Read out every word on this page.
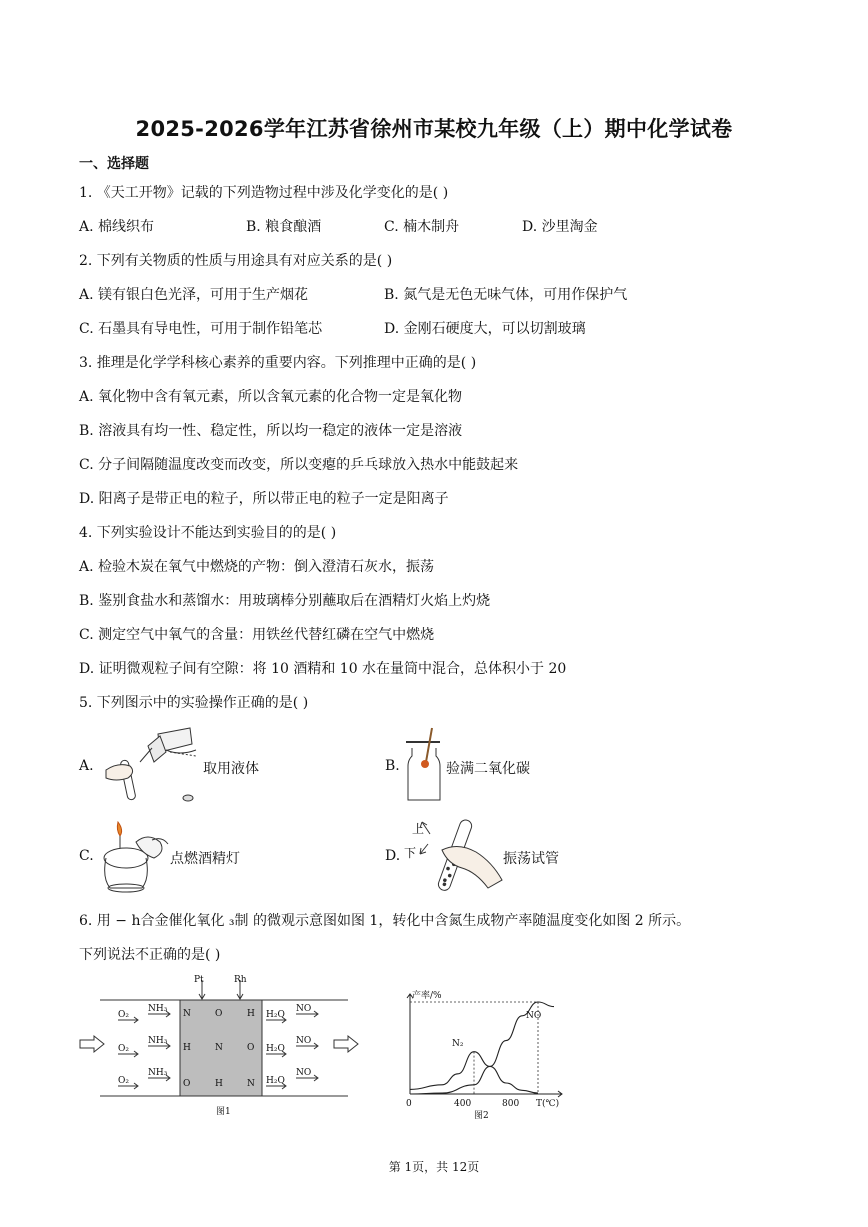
2025-2026学年江苏省徐州市某校九年级（上）期中化学试卷
一、选择题
1. 《天工开物》记载的下列造物过程中涉及化学变化的是( )
A. 棉线织布	B. 粮食酿酒	C. 楠木制舟	D. 沙里淘金
2. 下列有关物质的性质与用途具有对应关系的是( )
A. 镁有银白色光泽，可用于生产烟花	B. 氮气是无色无味气体，可用作保护气
C. 石墨具有导电性，可用于制作铅笔芯	D. 金刚石硬度大，可以切割玻璃
3. 推理是化学学科核心素养的重要内容。下列推理中正确的是( )
A. 氧化物中含有氧元素，所以含氧元素的化合物一定是氧化物
B. 溶液具有均一性、稳定性，所以均一稳定的液体一定是溶液
C. 分子间隔随温度改变而改变，所以变瘪的乒乓球放入热水中能鼓起来
D. 阳离子是带正电的粒子，所以带正电的粒子一定是阳离子
4. 下列实验设计不能达到实验目的的是( )
A. 检验木炭在氧气中燃烧的产物：倒入澄清石灰水，振荡
B. 鉴别食盐水和蒸馏水：用玻璃棒分别蘸取后在酒精灯火焰上灼烧
C. 测定空气中氧气的含量：用铁丝代替红磷在空气中燃烧
D. 证明微观粒子间有空隙：将 10 酒精和 10 水在量筒中混合，总体积小于 20
5. 下列图示中的实验操作正确的是( )
A.	取用液体	B.	验满二氧化碳
C.	点燃酒精灯	D.
上
下	振荡试管
6. 用 − h合金催化氧化 ₃制 的微观示意图如图 1，转化中含氮生成物产率随温度变化如图 2 所示。
下列说法不正确的是( )
Pt	Rh
O₂
NH₃
O₂
NH₃
O₂
NH₃
H₂O
NO
H₂O
NO
H₂O
NO
N	O	H
H	N	O
O	H	N
图1
产率/%
0	400	800 T(℃)
N₂
NO
图2
第 1页，共 12页
